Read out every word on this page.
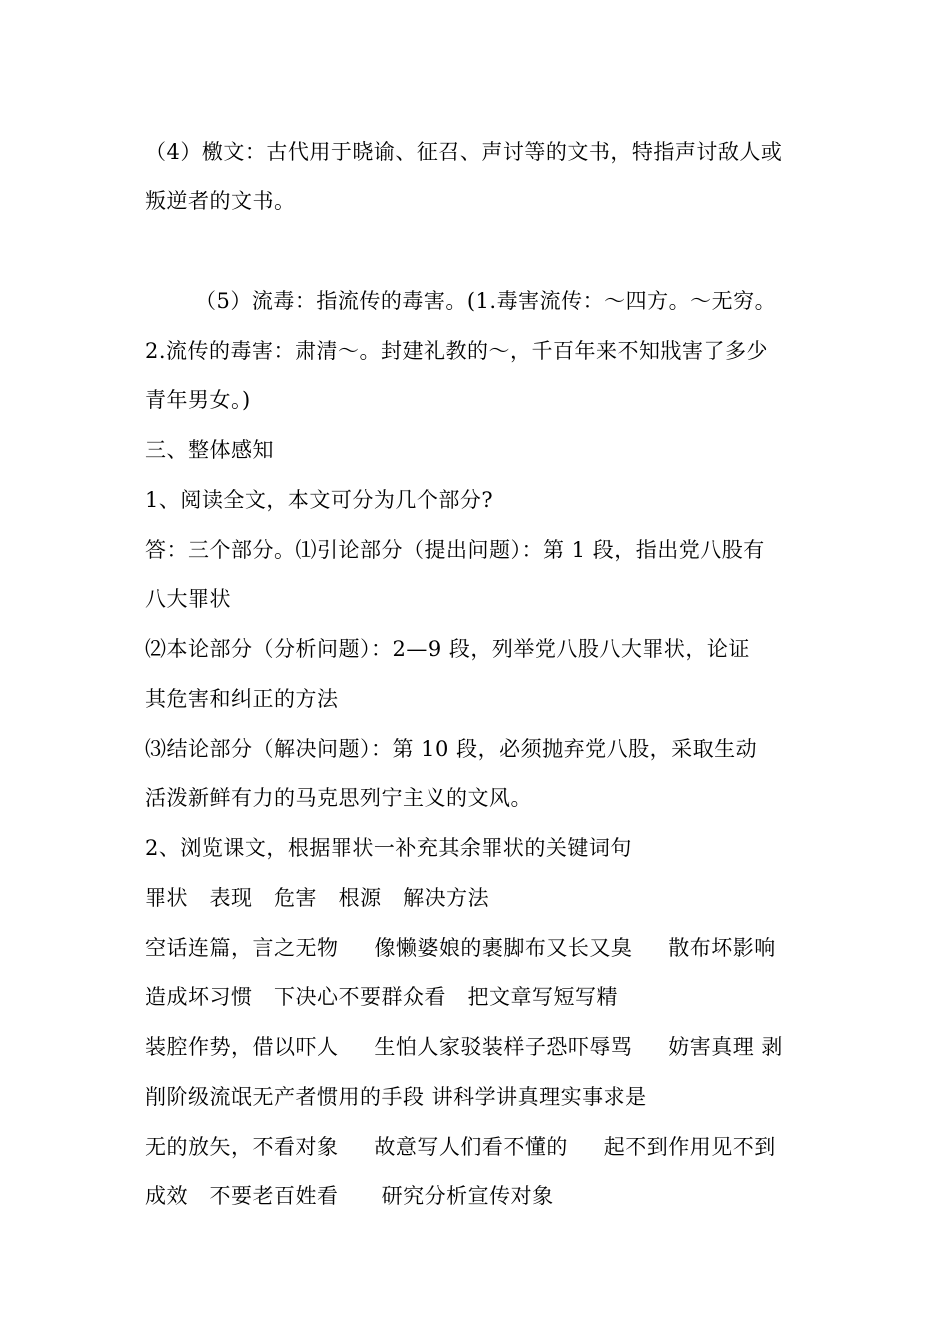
（4）檄文：古代用于晓谕、征召、声讨等的文书，特指声讨敌人或
叛逆者的文书。
（5）流毒：指流传的毒害。(1.毒害流传：～四方。～无穷。
2.流传的毒害：肃清～。封建礼教的～，千百年来不知戕害了多少
青年男女。)
三、整体感知
1、阅读全文，本文可分为几个部分?
答：三个部分。⑴引论部分（提出问题）：第 1 段，指出党八股有
八大罪状
⑵本论部分（分析问题）：2—9 段，列举党八股八大罪状，论证
其危害和纠正的方法
⑶结论部分（解决问题）：第 10 段，必须抛弃党八股，采取生动
活泼新鲜有力的马克思列宁主义的文风。
2、浏览课文，根据罪状一补充其余罪状的关键词句
罪状   表现   危害   根源   解决方法
空话连篇，言之无物     像懒婆娘的裹脚布又长又臭     散布坏影响
造成坏习惯   下决心不要群众看   把文章写短写精
装腔作势，借以吓人     生怕人家驳装样子恐吓辱骂     妨害真理 剥
削阶级流氓无产者惯用的手段 讲科学讲真理实事求是
无的放矢，不看对象     故意写人们看不懂的     起不到作用见不到
成效   不要老百姓看      研究分析宣传对象
